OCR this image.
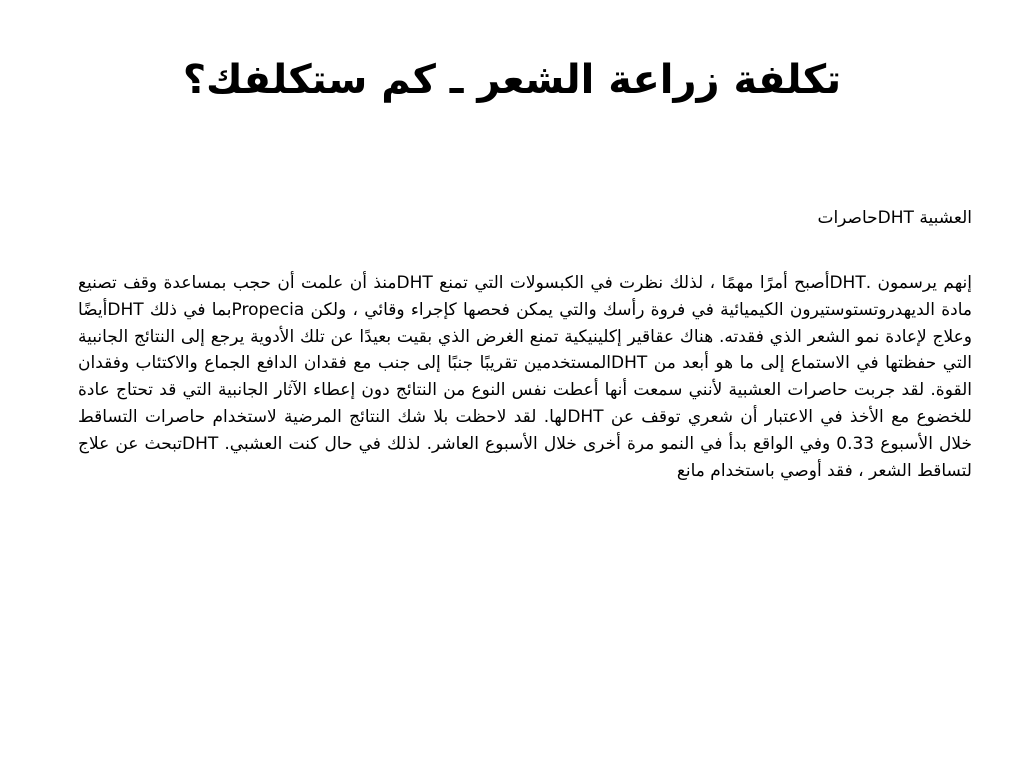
تكلفة زراعة الشعر ـ كم ستكلفك؟

العشبية DHTحاصرات

إنهم يرسمون .DHTأصبح أمرًا مهمًا ، لذلك نظرت في الكبسولات التي تمنع DHTمنذ أن علمت أن حجب بمساعدة وقف تصنيع مادة الديهدروتستوستيرون الكيميائية في فروة رأسك والتي يمكن فحصها كإجراء وقائي ، ولكن Propeciaبما في ذلك DHTأيضًا وعلاج لإعادة نمو الشعر الذي فقدته. هناك عقاقير إكلينيكية تمنع الغرض الذي بقيت بعيدًا عن تلك الأدوية يرجع إلى النتائج الجانبية التي حفظتها في الاستماع إلى ما هو أبعد من DHTالمستخدمين تقريبًا جنبًا إلى جنب مع فقدان الدافع الجماع والاكتئاب وفقدان القوة. لقد جربت حاصرات العشبية لأنني سمعت أنها أعطت نفس النوع من النتائج دون إعطاء الآثار الجانبية التي قد تحتاج عادة للخضوع مع الأخذ في الاعتبار أن شعري توقف عن DHTلها. لقد لاحظت بلا شك النتائج المرضية لاستخدام حاصرات التساقط خلال الأسبوع 0.33 وفي الواقع بدأ في النمو مرة أخرى خلال الأسبوع العاشر. لذلك في حال كنت العشبي. DHTتبحث عن علاج لتساقط الشعر ، فقد أوصي باستخدام مانع
